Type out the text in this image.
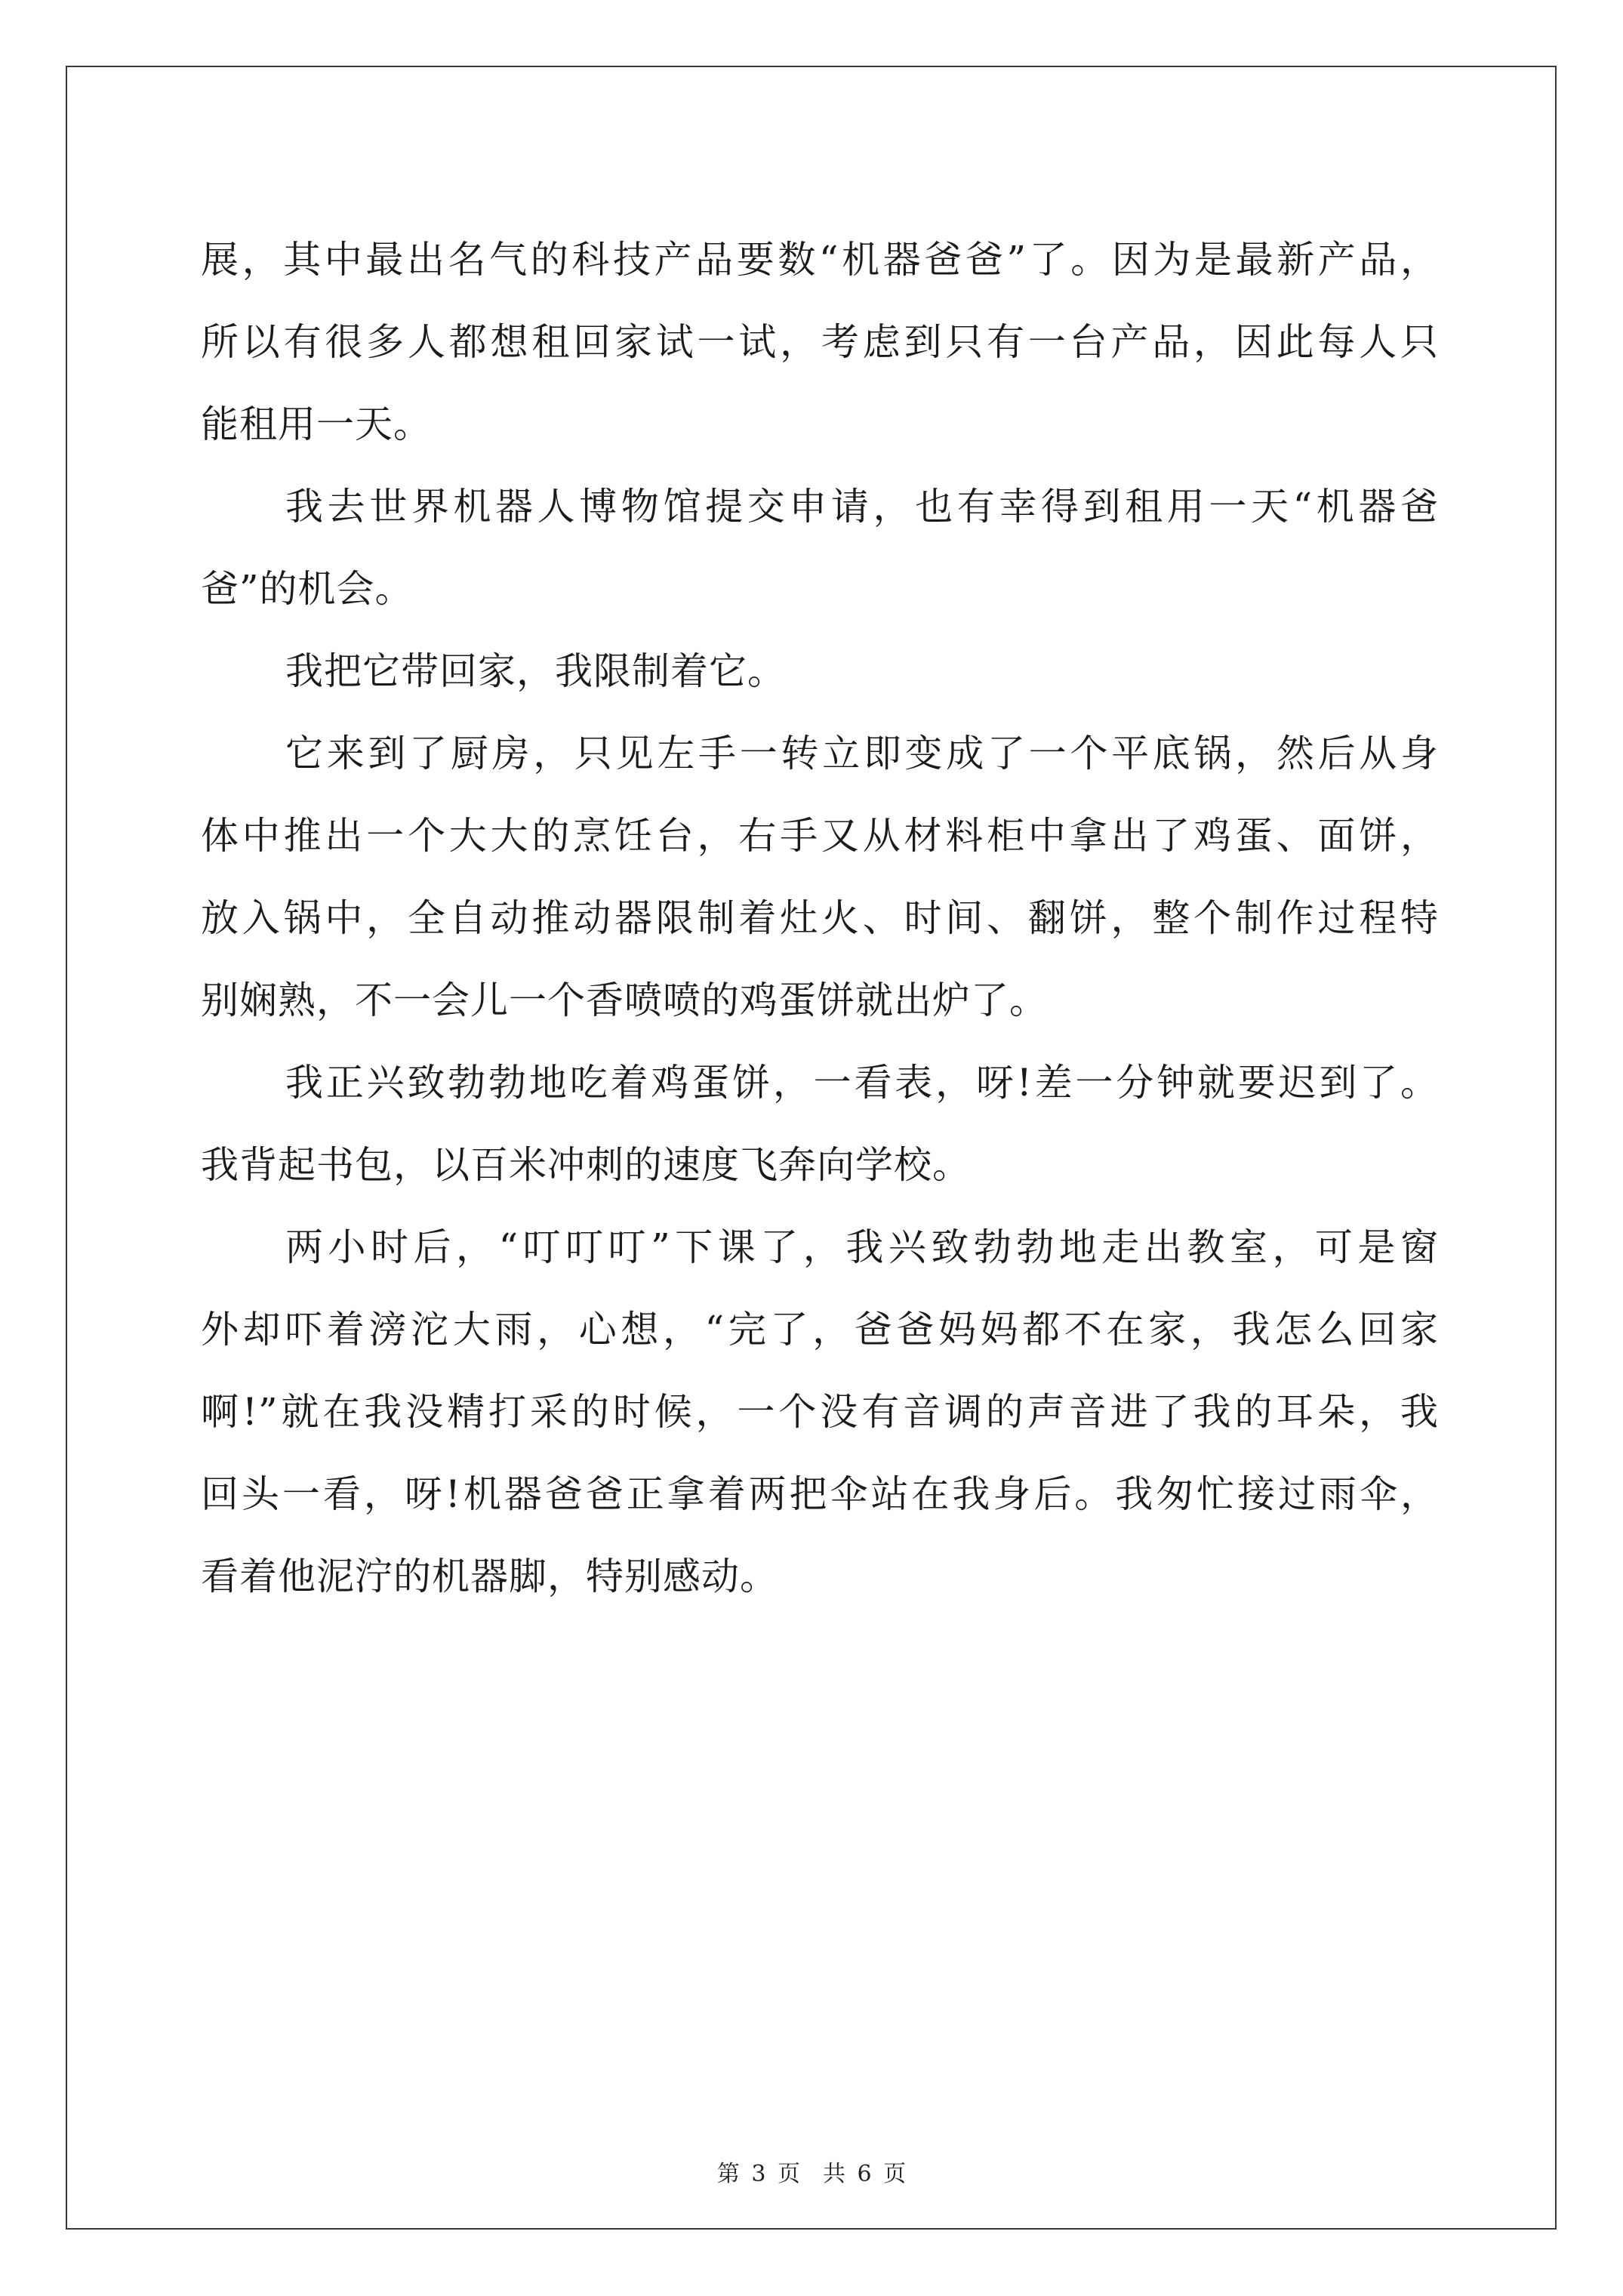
展，其中最出名气的科技产品要数“机器爸爸”了。因为是最新产品，
所以有很多人都想租回家试一试，考虑到只有一台产品，因此每人只
能租用一天。
我去世界机器人博物馆提交申请，也有幸得到租用一天“机器爸
爸”的机会。
我把它带回家，我限制着它。
它来到了厨房，只见左手一转立即变成了一个平底锅，然后从身
体中推出一个大大的烹饪台，右手又从材料柜中拿出了鸡蛋、面饼，
放入锅中，全自动推动器限制着灶火、时间、翻饼，整个制作过程特
别娴熟，不一会儿一个香喷喷的鸡蛋饼就出炉了。
我正兴致勃勃地吃着鸡蛋饼，一看表，呀!差一分钟就要迟到了。
我背起书包，以百米冲刺的速度飞奔向学校。
两小时后，“叮叮叮”下课了，我兴致勃勃地走出教室，可是窗
外却吓着滂沱大雨，心想，“完了，爸爸妈妈都不在家，我怎么回家
啊!”就在我没精打采的时候，一个没有音调的声音进了我的耳朵，我
回头一看，呀!机器爸爸正拿着两把伞站在我身后。我匆忙接过雨伞，
看着他泥泞的机器脚，特别感动。
第 3 页　共 6 页
